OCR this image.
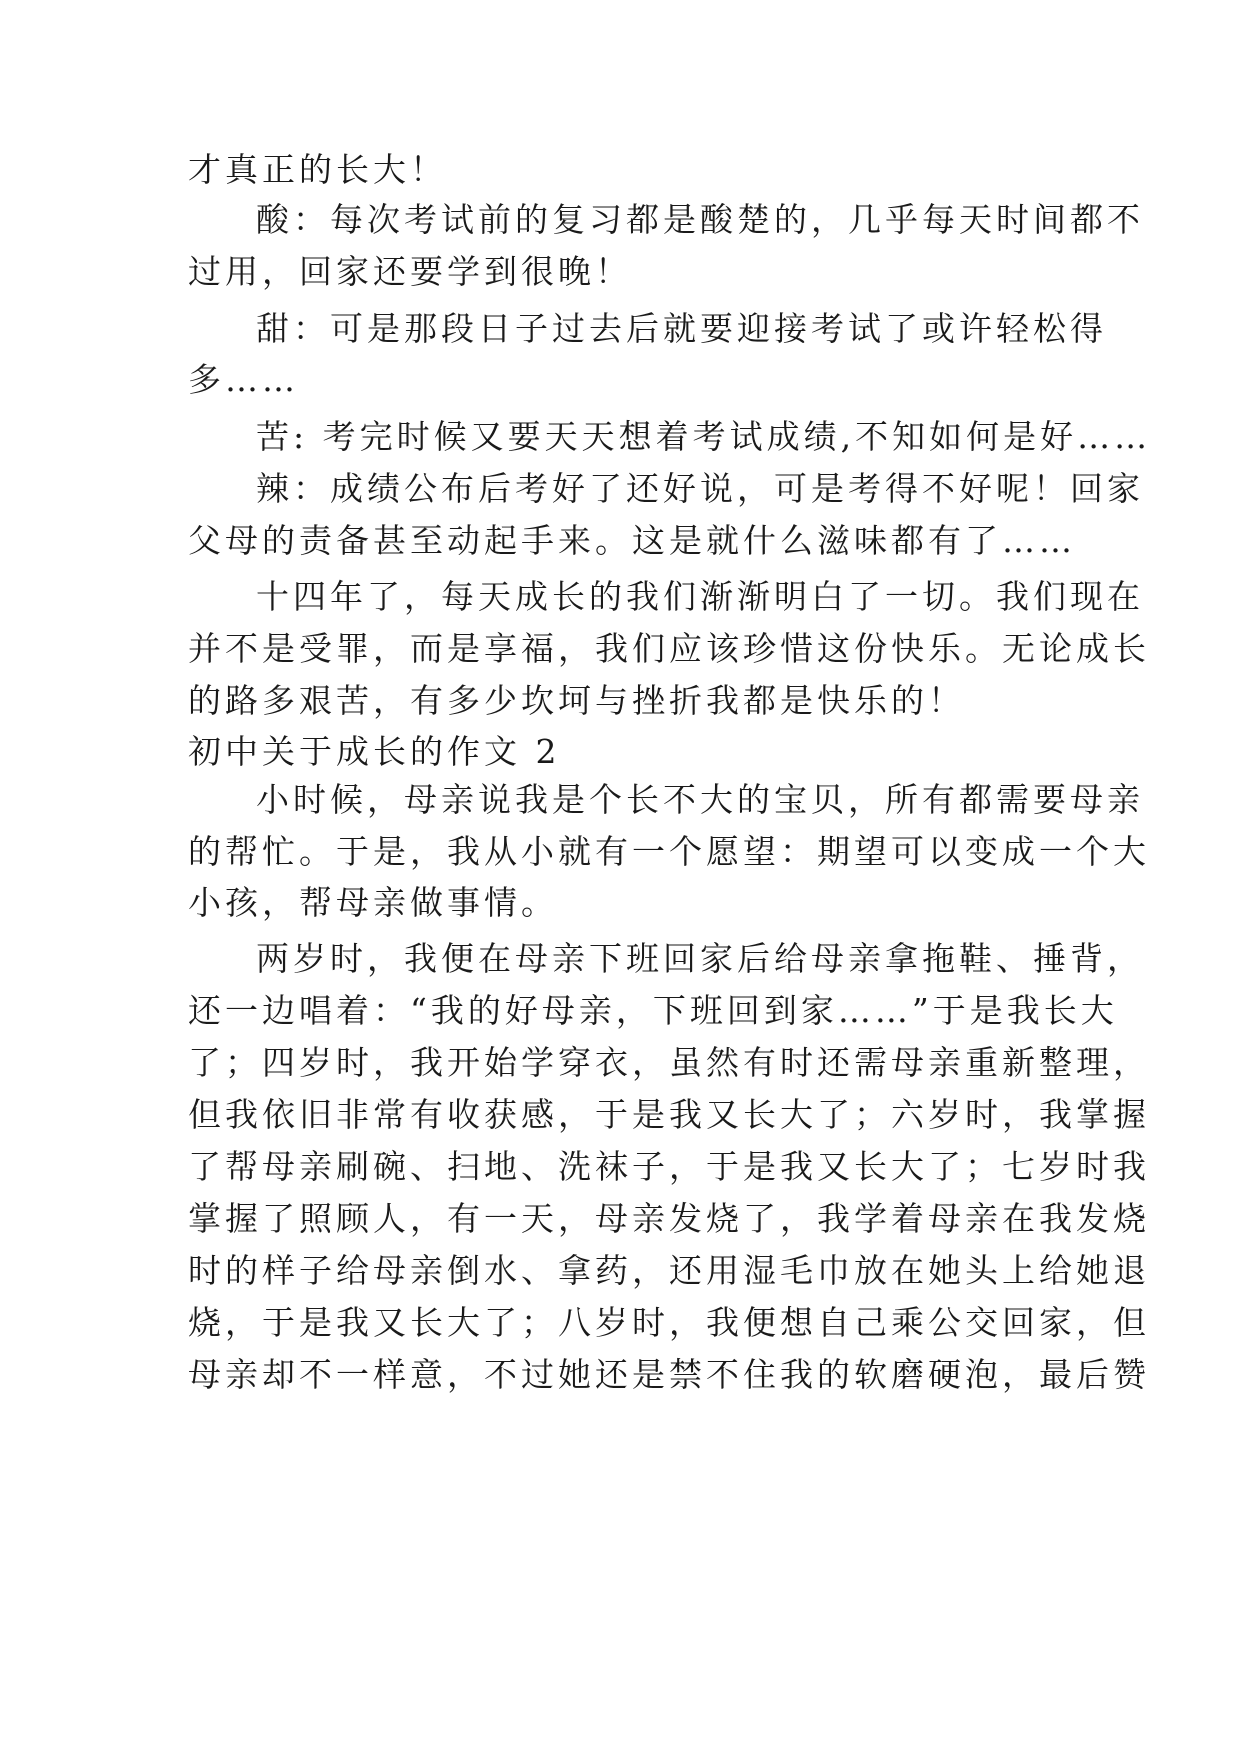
才真正的长大！

酸：每次考试前的复习都是酸楚的，几乎每天时间都不

过用，回家还要学到很晚！

甜：可是那段日子过去后就要迎接考试了或许轻松得

多……

苦: 考完时候又要天天想着考试成绩,不知如何是好……

辣：成绩公布后考好了还好说，可是考得不好呢！回家

父母的责备甚至动起手来。这是就什么滋味都有了……

十四年了，每天成长的我们渐渐明白了一切。我们现在

并不是受罪，而是享福，我们应该珍惜这份快乐。无论成长

的路多艰苦，有多少坎坷与挫折我都是快乐的！

初中关于成长的作文 2

小时候，母亲说我是个长不大的宝贝，所有都需要母亲

的帮忙。于是，我从小就有一个愿望：期望可以变成一个大

小孩，帮母亲做事情。

两岁时，我便在母亲下班回家后给母亲拿拖鞋、捶背，

还一边唱着：“我的好母亲，下班回到家……”于是我长大

了；四岁时，我开始学穿衣，虽然有时还需母亲重新整理，

但我依旧非常有收获感，于是我又长大了；六岁时，我掌握

了帮母亲刷碗、扫地、洗袜子，于是我又长大了；七岁时我

掌握了照顾人，有一天，母亲发烧了，我学着母亲在我发烧

时的样子给母亲倒水、拿药，还用湿毛巾放在她头上给她退

烧，于是我又长大了；八岁时，我便想自己乘公交回家，但

母亲却不一样意，不过她还是禁不住我的软磨硬泡，最后赞
